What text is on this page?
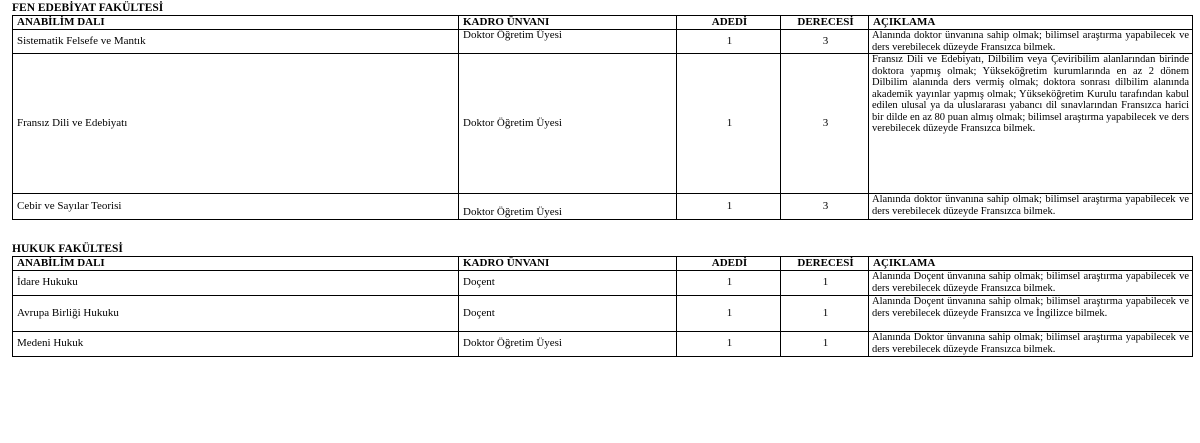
FEN EDEBİYAT FAKÜLTESİ
ANABİLİM DALI	KADRO ÜNVANI	ADEDİ	DERECESİ	AÇIKLAMA
Sistematik Felsefe ve Mantık	Doktor Öğretim Üyesi	1	3	Alanında doktor ünvanına sahip olmak; bilimsel araştırma yapabilecek ve ders verebilecek düzeyde Fransızca bilmek.
Fransız Dili ve Edebiyatı	Doktor Öğretim Üyesi	1	3	Fransız Dili ve Edebiyatı, Dilbilim veya Çeviribilim alanlarından birinde doktora yapmış olmak; Yükseköğretim kurumlarında en az 2 dönem Dilbilim alanında ders vermiş olmak; doktora sonrası dilbilim alanında akademik yayınlar yapmış olmak; Yükseköğretim Kurulu tarafından kabul edilen ulusal ya da uluslararası yabancı dil sınavlarından Fransızca harici bir dilde en az 80 puan almış olmak; bilimsel araştırma yapabilecek ve ders verebilecek düzeyde Fransızca bilmek.
Cebir ve Sayılar Teorisi	Doktor Öğretim Üyesi	1	3	Alanında doktor ünvanına sahip olmak; bilimsel araştırma yapabilecek ve ders verebilecek düzeyde Fransızca bilmek.
HUKUK FAKÜLTESİ
ANABİLİM DALI	KADRO ÜNVANI	ADEDİ	DERECESİ	AÇIKLAMA
İdare Hukuku	Doçent	1	1	Alanında Doçent ünvanına sahip olmak; bilimsel araştırma yapabilecek ve ders verebilecek düzeyde Fransızca bilmek.
Avrupa Birliği Hukuku	Doçent	1	1	Alanında Doçent ünvanına sahip olmak; bilimsel araştırma yapabilecek ve ders verebilecek düzeyde Fransızca ve İngilizce bilmek.
Medeni Hukuk	Doktor Öğretim Üyesi	1	1	Alanında Doktor ünvanına sahip olmak; bilimsel araştırma yapabilecek ve ders verebilecek düzeyde Fransızca bilmek.
